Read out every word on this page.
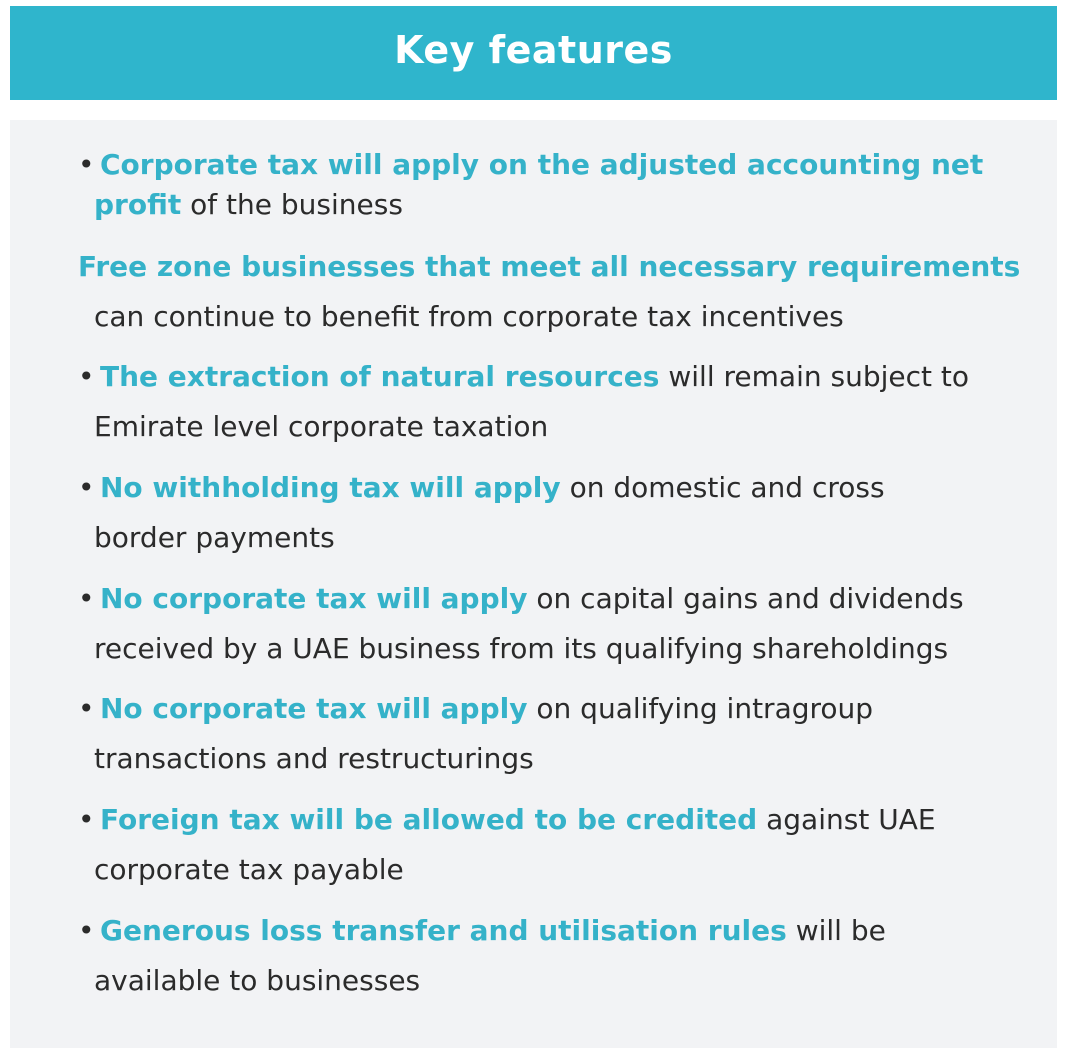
Key features
• Corporate tax will apply on the adjusted accounting net
profit of the business
Free zone businesses that meet all necessary requirements
can continue to benefit from corporate tax incentives
• The extraction of natural resources will remain subject to
Emirate level corporate taxation
• No withholding tax will apply on domestic and cross
border payments
• No corporate tax will apply on capital gains and dividends
received by a UAE business from its qualifying shareholdings
• No corporate tax will apply on qualifying intragroup
transactions and restructurings
• Foreign tax will be allowed to be credited against UAE
corporate tax payable
• Generous loss transfer and utilisation rules will be
available to businesses
